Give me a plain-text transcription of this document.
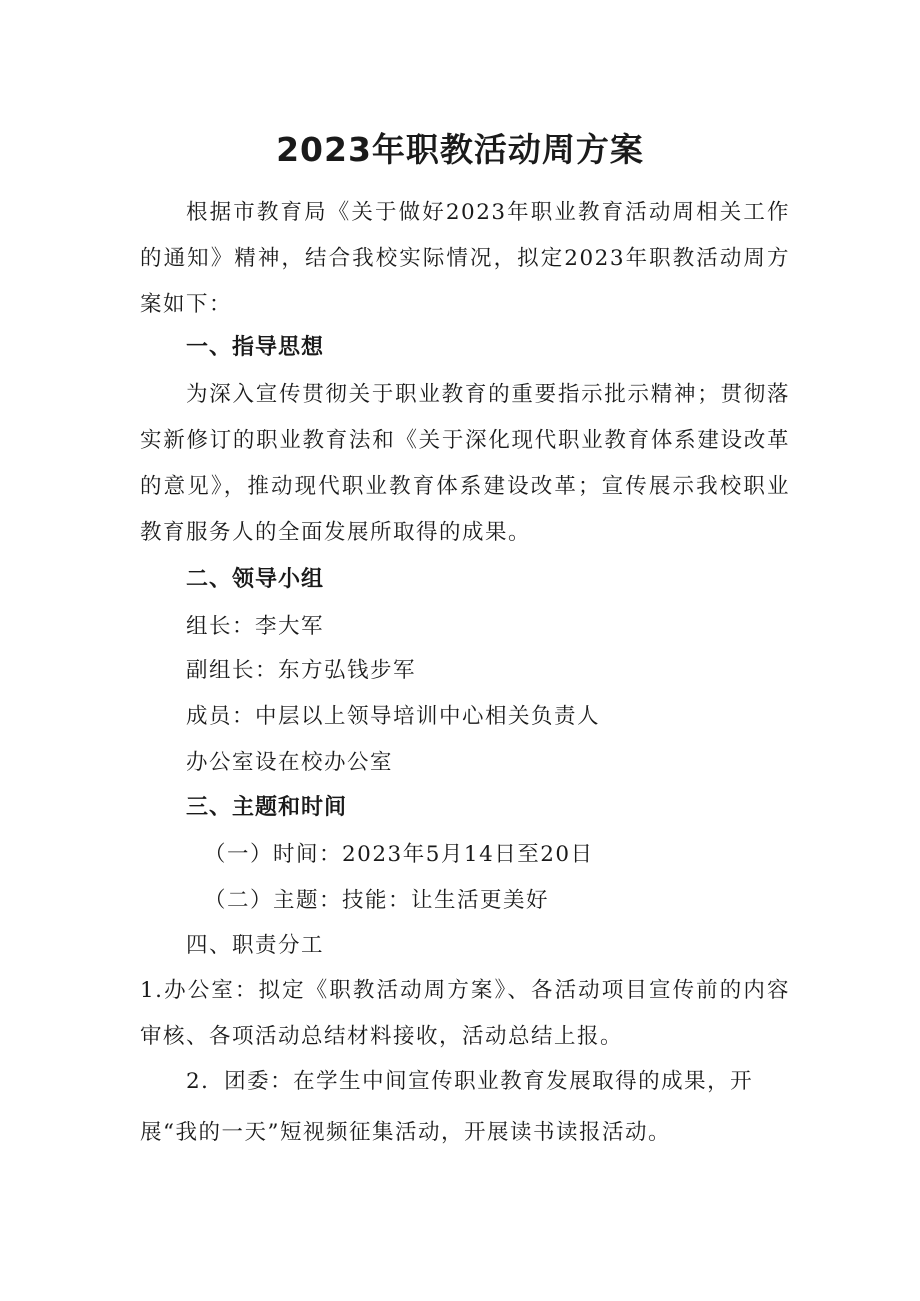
2023年职教活动周方案

根据市教育局《关于做好2023年职业教育活动周相关工作的通知》精神，结合我校实际情况，拟定2023年职教活动周方案如下：

一、指导思想

为深入宣传贯彻关于职业教育的重要指示批示精神；贯彻落实新修订的职业教育法和《关于深化现代职业教育体系建设改革的意见》，推动现代职业教育体系建设改革；宣传展示我校职业教育服务人的全面发展所取得的成果。

二、领导小组

组长：李大军

副组长：东方弘钱步军

成员：中层以上领导培训中心相关负责人

办公室设在校办公室

三、主题和时间

（一）时间：2023年5月14日至20日

（二）主题：技能：让生活更美好

四、职责分工

1.办公室：拟定《职教活动周方案》、各活动项目宣传前的内容审核、各项活动总结材料接收，活动总结上报。

2．团委：在学生中间宣传职业教育发展取得的成果，开

展“我的一天”短视频征集活动，开展读书读报活动。
